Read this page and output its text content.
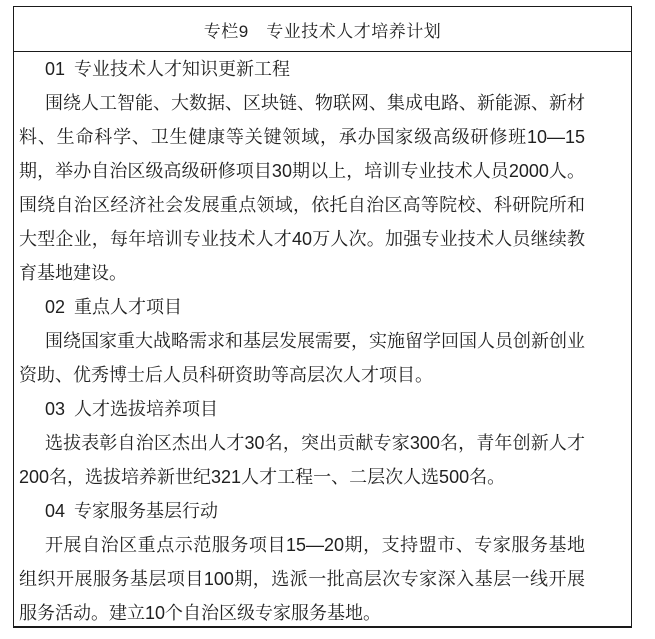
专栏9　专业技术人才培养计划

01 专业技术人才知识更新工程

围绕人工智能、大数据、区块链、物联网、集成电路、新能源、新材料、生命科学、卫生健康等关键领域，承办国家级高级研修班10—15期，举办自治区级高级研修项目30期以上，培训专业技术人员2000人。围绕自治区经济社会发展重点领域，依托自治区高等院校、科研院所和大型企业，每年培训专业技术人才40万人次。加强专业技术人员继续教育基地建设。

02 重点人才项目

围绕国家重大战略需求和基层发展需要，实施留学回国人员创新创业资助、优秀博士后人员科研资助等高层次人才项目。

03 人才选拔培养项目

选拔表彰自治区杰出人才30名，突出贡献专家300名，青年创新人才200名，选拔培养新世纪321人才工程一、二层次人选500名。

04 专家服务基层行动

开展自治区重点示范服务项目15—20期，支持盟市、专家服务基地组织开展服务基层项目100期，选派一批高层次专家深入基层一线开展服务活动。建立10个自治区级专家服务基地。
